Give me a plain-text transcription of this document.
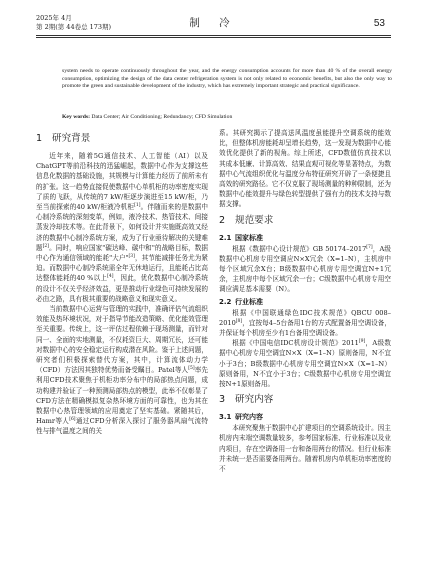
2025年 4月
第 2期(第 44卷总 173期)	制 冷	53

system needs to operate continuously throughout the year, and the energy consumption accounts for more than 40 % of the overall energy consumption, optimizing the design of the data center refrigeration system is not only related to economic benefits, but also the only way to promote the green and sustainable development of the industry, which has extremely important strategic and practical significance.

Key words: Data Center; Air Conditioning; Redundancy; CFD Simulation
1 研究背景

近年来，随着5G通信技术、人工智能（AI）以及ChatGPT等前沿科技的迅猛崛起，数据中心作为支撑这些信息化数据的基础设施，其规模与计算能力经历了前所未有的扩张。这一趋势直接促使数据中心单机柜的功率密度实现了质的飞跃，从传统的7 kW/柜逐步演进至15 kW/柜，乃至当前探索的40 kW/柜液冷机柜[1]。伴随而来的是数据中心制冷系统的深刻变革，例如，液冷技术、热管技术、间接蒸发冷却技术等。在此背景下，如何设计并实施既高效又经济的数据中心制冷系统方案，成为了行业亟待解决的关键难题[2]。同时，响应国家"碳达峰、碳中和"的战略目标，数据中心作为通信领域的能耗"大户"[3]，其节能减排任务尤为紧迫。而数据中心制冷系统需全年无休地运行，且能耗占比高达整体能耗的40 %以上[4]，因此，优化数据中心制冷系统的设计不仅关乎经济效益，更是推动行业绿色可持续发展的必由之路，具有极其重要的战略意义和现实意义。

当前数据中心运营与管理的实践中，准确评估气流组织效能及热环境状况，对于指导节能改造策略、优化能效管理至关重要。传统上，这一评估过程依赖于现场测量，而针对同一、全面的实地测量，不仅耗资巨大、周期冗长，还可能对数据中心的安全稳定运行构成潜在风险。鉴于上述问题，研究者们积极探索替代方案，其中，计算流体动力学（CFD）方法因其独特优势而备受瞩目。Patel等人[5]率先利用CFD技术聚焦于机柜功率分布中的局部热点问题，成功构建并验证了一种预测局部热点的模型，此举不仅彰显了CFD方法在精确模拟复杂热环境方面的可靠性，也为其在数据中心热管理领域的应用奠定了坚实基础。紧随其后，Hamr等人[6]通过CFD分析深入探讨了服务器风扇气流特性与排气温度之间的关

系。其研究揭示了提高送风温度虽能提升空调系统的能效比，但整体机房能耗却呈增长趋势，这一发现为数据中心能效优化提供了新的视角。综上所述，CFD数值仿真技术以其成本低廉、计算高效、结果直观可视化等显著特点，为数据中心气流组织优化与温度分布特征研究开辟了一条便捷且高效的研究路径。它不仅克服了现场测量的种种限制，还为数据中心能效提升与绿色转型提供了强有力的技术支持与数据支撑。

2 规范要求
2.1 国家标准

根据《数据中心设计规范》GB 50174–2017[7]，A级数据中心机房专用空调应N×X冗余（X=1–N），主机房中每个区域冗余X台；B级数据中心机房专用空调宜N+1冗余，主机房中每个区域冗余一台；C级数据中心机房专用空调应满足基本需要（N）。

2.2 行业标准

根据《中国联通绿色IDC技术规范》QBCU 008–2010[8]，宜按每4–5台备用1台的方式配置备用空调设备，并保证每个机房至少有1台备用空调设备。

根据《中国电信IDC机房设计规范》2011[9]，A级数据中心机房专用空调宜N×X（X=1–N）原则备用，N不宜小于3台；B级数据中心机房专用空调宜N×X（X=1–N）原则备用，N不宜小于3台；C级数据中心机房专用空调宜按N+1原则备用。

3 研究内容
3.1 研究内容

本研究聚焦于数据中心扩建项目的空调系统设计。因主机房内末端空调数量较多，参考国家标准、行业标准以及业内项目，存在空调备用一台和备用两台的情况。但行业标准并未统一是否需要备用两台。随着机房内单机柜功率密度的不
